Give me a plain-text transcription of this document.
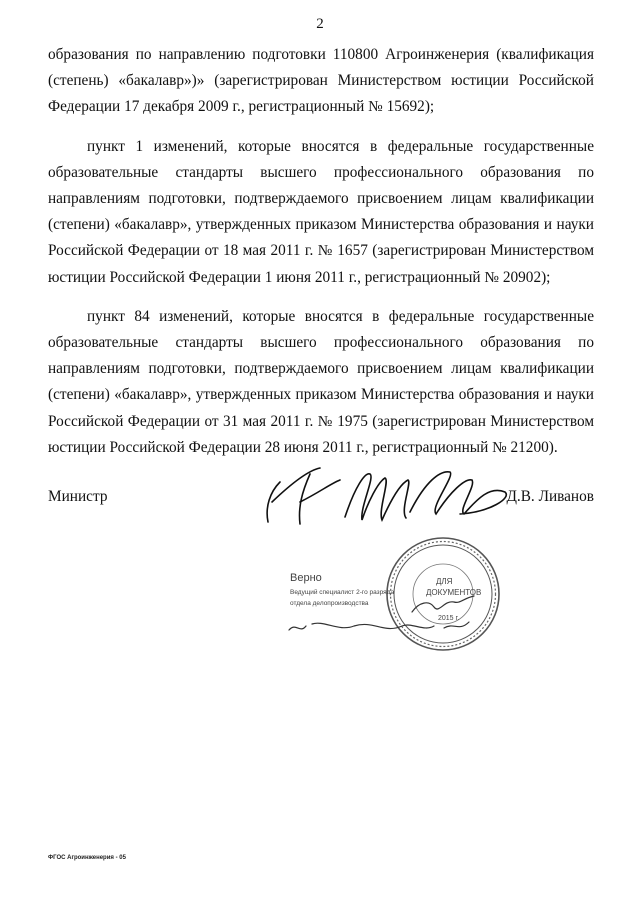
2

образования по направлению подготовки 110800 Агроинженерия (квалификация (степень) «бакалавр»)» (зарегистрирован Министерством юстиции Российской Федерации 17 декабря 2009 г., регистрационный № 15692);

пункт 1 изменений, которые вносятся в федеральные государственные образовательные стандарты высшего профессионального образования по направлениям подготовки, подтверждаемого присвоением лицам квалификации (степени) «бакалавр», утвержденных приказом Министерства образования и науки Российской Федерации от 18 мая 2011 г. № 1657 (зарегистрирован Министерством юстиции Российской Федерации 1 июня 2011 г., регистрационный № 20902);

пункт 84 изменений, которые вносятся в федеральные государственные образовательные стандарты высшего профессионального образования по направлениям подготовки, подтверждаемого присвоением лицам квалификации (степени) «бакалавр», утвержденных приказом Министерства образования и науки Российской Федерации от 31 мая 2011 г. № 1975 (зарегистрирован Министерством юстиции Российской Федерации 28 июня 2011 г., регистрационный № 21200).

Министр	Д.В. Ливанов
Верно
Ведущий специалист 2-го разряда
отдела делопроизводства
ДЛЯ
ДОКУМЕНТОВ
2015 г.
ФГОС Агроинженерия - 05
